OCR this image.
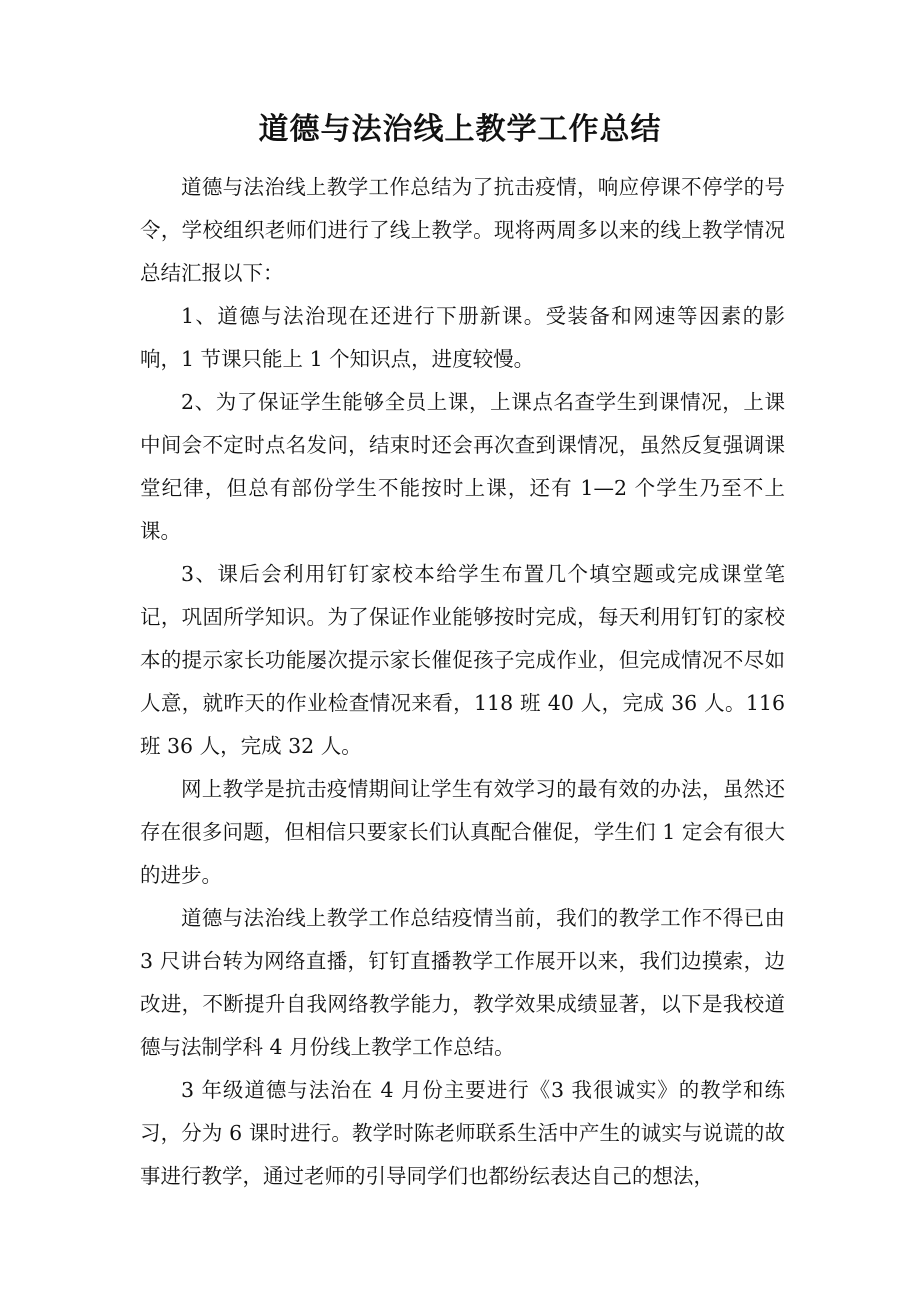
道德与法治线上教学工作总结

道德与法治线上教学工作总结为了抗击疫情，响应停课不停学的号令，学校组织老师们进行了线上教学。现将两周多以来的线上教学情况总结汇报以下：

1、道德与法治现在还进行下册新课。受装备和网速等因素的影响，1 节课只能上 1 个知识点，进度较慢。

2、为了保证学生能够全员上课，上课点名查学生到课情况，上课中间会不定时点名发问，结束时还会再次查到课情况，虽然反复强调课堂纪律，但总有部份学生不能按时上课，还有 1—2 个学生乃至不上课。

3、课后会利用钉钉家校本给学生布置几个填空题或完成课堂笔记，巩固所学知识。为了保证作业能够按时完成，每天利用钉钉的家校本的提示家长功能屡次提示家长催促孩子完成作业，但完成情况不尽如人意，就昨天的作业检查情况来看，118 班 40 人，完成 36 人。116 班 36 人，完成 32 人。

网上教学是抗击疫情期间让学生有效学习的最有效的办法，虽然还存在很多问题，但相信只要家长们认真配合催促，学生们 1 定会有很大的进步。

道德与法治线上教学工作总结疫情当前，我们的教学工作不得已由 3 尺讲台转为网络直播，钉钉直播教学工作展开以来，我们边摸索，边改进，不断提升自我网络教学能力，教学效果成绩显著，以下是我校道德与法制学科 4 月份线上教学工作总结。

3 年级道德与法治在 4 月份主要进行《3 我很诚实》的教学和练习，分为 6 课时进行。教学时陈老师联系生活中产生的诚实与说谎的故事进行教学，通过老师的引导同学们也都纷纭表达自己的想法，
